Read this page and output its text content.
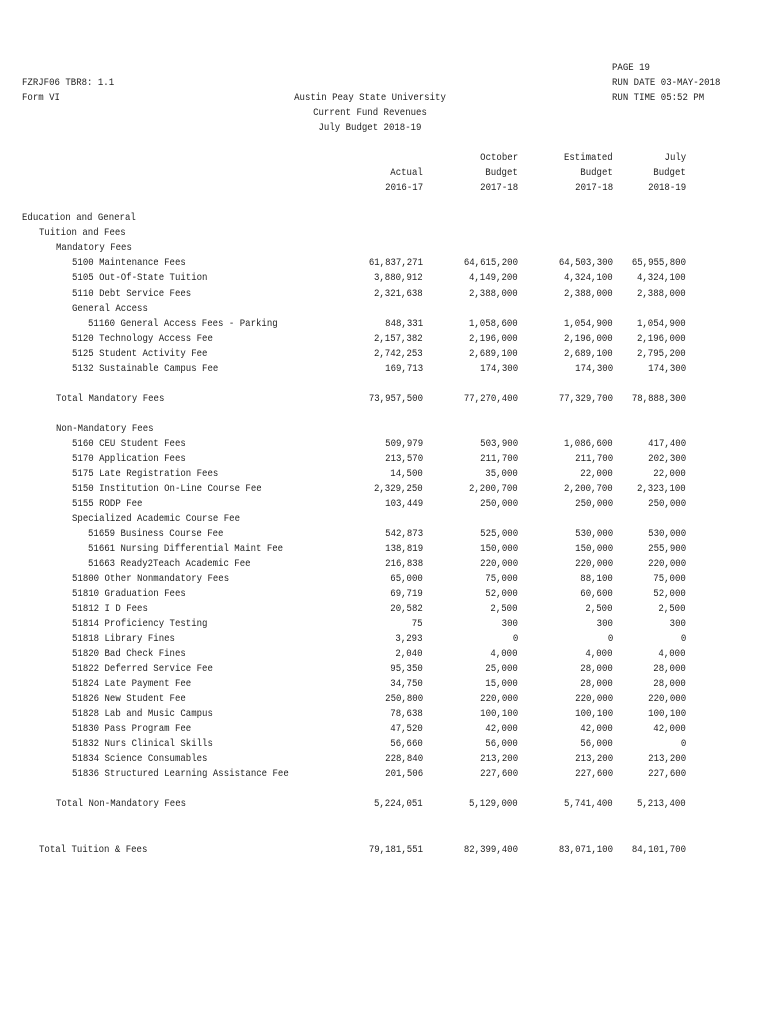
FZRJF06 TBR8: 1.1
Form VI	Austin Peay State University
Current Fund Revenues
July Budget 2018-19
PAGE 19
RUN DATE 03-MAY-2018
RUN TIME 05:52 PM
Actual
2016-17
October
Budget
2017-18
Estimated
Budget
2017-18
July
Budget
2018-19
Education and General
Tuition and Fees
Mandatory Fees
5100 Maintenance Fees	61,837,271	64,615,200	64,503,300 65,955,800
5105 Out-Of-State Tuition	3,880,912	4,149,200	4,324,100 4,324,100
5110 Debt Service Fees	2,321,638	2,388,000	2,388,000 2,388,000
General Access
51160 General Access Fees - Parking	848,331	1,058,600	1,054,900 1,054,900
5120 Technology Access Fee	2,157,382	2,196,000	2,196,000 2,196,000
5125 Student Activity Fee	2,742,253	2,689,100	2,689,100 2,795,200
5132 Sustainable Campus Fee	169,713	174,300	174,300	174,300
Total Mandatory Fees	73,957,500	77,270,400	77,329,700 78,888,300
Non-Mandatory Fees
5160 CEU Student Fees	509,979	503,900	1,086,600	417,400
5170 Application Fees	213,570	211,700	211,700	202,300
5175 Late Registration Fees	14,500	35,000	22,000	22,000
5150 Institution On-Line Course Fee	2,329,250	2,200,700	2,200,700 2,323,100
5155 RODP Fee	103,449	250,000	250,000	250,000
Specialized Academic Course Fee
51659 Business Course Fee	542,873	525,000	530,000	530,000
51661 Nursing Differential Maint Fee	138,819	150,000	150,000	255,900
51663 Ready2Teach Academic Fee	216,838	220,000	220,000	220,000
51800 Other Nonmandatory Fees	65,000	75,000	88,100	75,000
51810 Graduation Fees	69,719	52,000	60,600	52,000
51812 I D Fees	20,582	2,500	2,500	2,500
51814 Proficiency Testing	75	300	300	300
51818 Library Fines	3,293	0	0	0
51820 Bad Check Fines	2,040	4,000	4,000	4,000
51822 Deferred Service Fee	95,350	25,000	28,000	28,000
51824 Late Payment Fee	34,750	15,000	28,000	28,000
51826 New Student Fee	250,800	220,000	220,000	220,000
51828 Lab and Music Campus	78,638	100,100	100,100	100,100
51830 Pass Program Fee	47,520	42,000	42,000	42,000
51832 Nurs Clinical Skills	56,660	56,000	56,000	0
51834 Science Consumables	228,840	213,200	213,200	213,200
51836 Structured Learning Assistance Fee	201,506	227,600	227,600	227,600
Total Non-Mandatory Fees	5,224,051	5,129,000	5,741,400 5,213,400
Total Tuition & Fees	79,181,551	82,399,400	83,071,100 84,101,700
